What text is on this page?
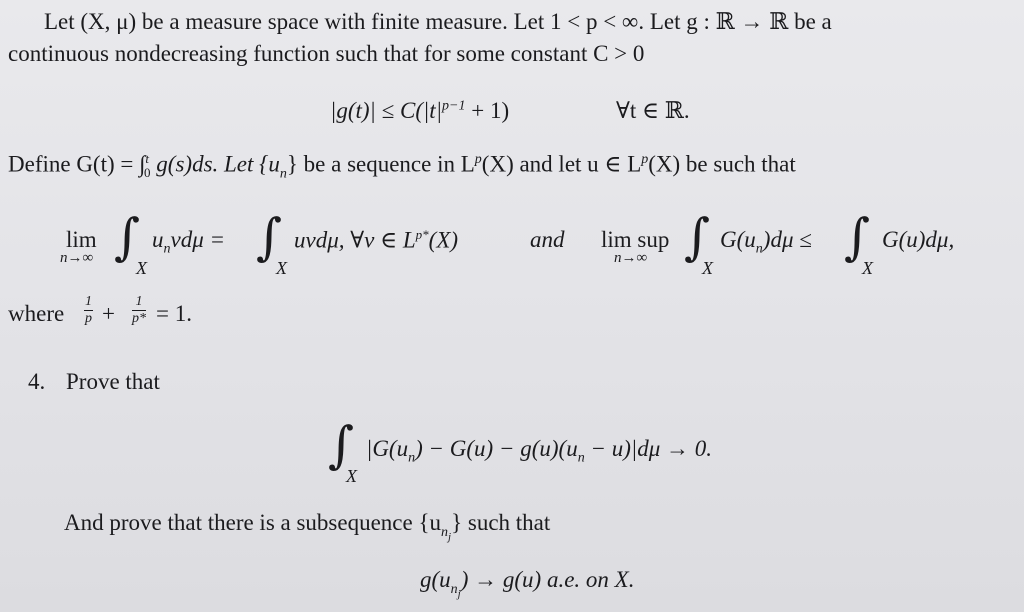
Let (X, μ) be a measure space with finite measure. Let 1 < p < ∞. Let g : ℝ → ℝ be a
continuous nondecreasing function such that for some constant C > 0
$|g(t)| \le C(|t|^{p-1} + 1)$	∀t ∈ ℝ.
Define G(t) = ∫$^t_0$ g(s)ds. Let $\{u_n\}$ be a sequence in $L^p(X)$ and let u ∈ $L^p(X)$ be such that
lim
n→∞ ∫
X
$u_nvd\mu$ = ∫
X
uvdμ, ∀v ∈ $L^{p*}(X)$	and lim sup
n→∞ ∫
X
$G(u_n)d\mu$ ≤ ∫
X
G(u)dμ,
where $\frac{1}{p} + \frac{1}{p*} = 1$.
4. Prove that
∫
X
$|G(u_n) - G(u) - g(u)(u_n - u)|d\mu \to 0$.
And prove that there is a subsequence $\{u_{n_j}\}$ such that
$g(u_{n_j}) \to g(u)$ a.e. on X.
